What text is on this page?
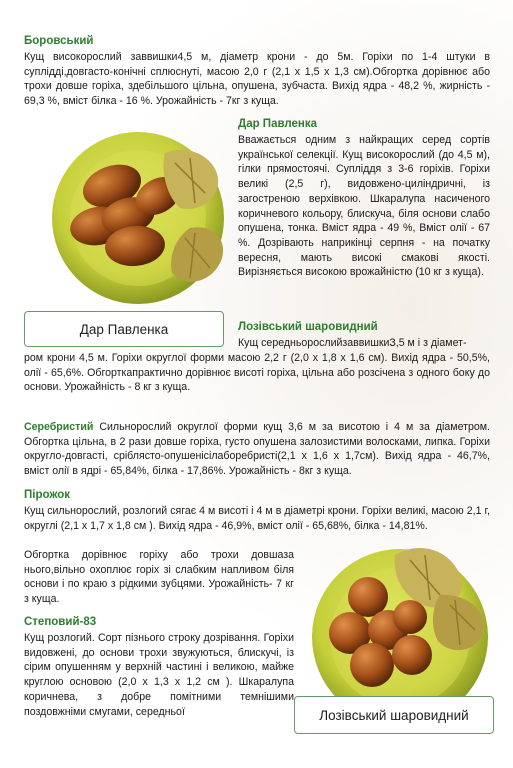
Боровський

Кущ високорослий заввишки4,5 м, діаметр крони - до 5м. Горіхи по 1-4 штуки в суплідді,довгасто-конічні сплюснуті, масою 2,0 г (2,1 х 1,5 х 1,3 см).Обгортка дорівнює або трохи довше горіха, здебільшого цільна, опушена, зубчаста. Вихід ядра - 48,2 %, жирність - 69,3 %, вміст білка - 16 %. Урожайність - 7кг з куща.

Дар Павленка
Дар Павленка

Вважається одним з найкращих серед сортів української селекції. Кущ високорослий (до 4,5 м), гілки прямостоячі. Супліддя з 3-6 горіхів. Горіхи великі (2,5 г), видовжено-циліндричні, із загостреною верхівкою. Шкаралупа насиченого коричневого кольору, блискуча, біля основи слабо опушена, тонка. Вміст ядра - 49 %, Вміст олії - 67 %. Дозрівають наприкінці серпня - на початку вересня, мають високі смакові якості. Вирізняється високою врожайністю (10 кг з куща).

Лозівський шаровидний

Кущ середньорослийзаввишкиЗ,5 м і з діамет-

ром крони 4,5 м. Горіхи округлої форми масою 2,2 г (2,0 х 1,8 х 1,6 см). Вихід ядра - 50,5%, олії - 65,6%. Обгорткапрактично дорівнює висоті горіха, цільна або розсічена з одного боку до основи. Урожайність - 8 кг з куща.

Серебристий Сильнорослий округлої форми кущ 3,6 м за висотою і 4 м за діаметром. Обгортка цільна, в 2 рази довше горіха, густо опушена залозистими волосками, липка. Горіхи округло-довгасті, сріблясто-опушенісілаборебристі(2,1 х 1,6 х 1,7см). Вихід ядра - 46,7%, вміст олії в ядрі - 65,84%, білка - 17,86%. Урожайність - 8кг з куща.

Пірожок

Кущ сильнорослий, розлогий сягає 4 м висоті і 4 м в діаметрі крони. Горіхи великі, масою 2,1 г, округлі (2,1 х 1,7 х 1,8 см ). Вихід ядра - 46,9%, вміст олії - 65,68%, білка - 14,81%.

Обгортка дорівнює горіху або трохи довшаза нього,вільно охоплює горіх зі слабким напливом біля основи і по краю з рідкими зубцями. Урожайність- 7 кг з куща.

Степовий-83

Кущ розлогий. Сорт пізнього строку дозрівання. Горіхи видовжені, до основи трохи звужуються, блискучі, із сірим опушенням у верхній частині і великою, майже круглою основою (2,0 х 1,3 х 1,2 см ). Шкаралупа коричнева, з добре помітними темнішими поздовжніми смугами, середньої	Лозівський шаровидний
